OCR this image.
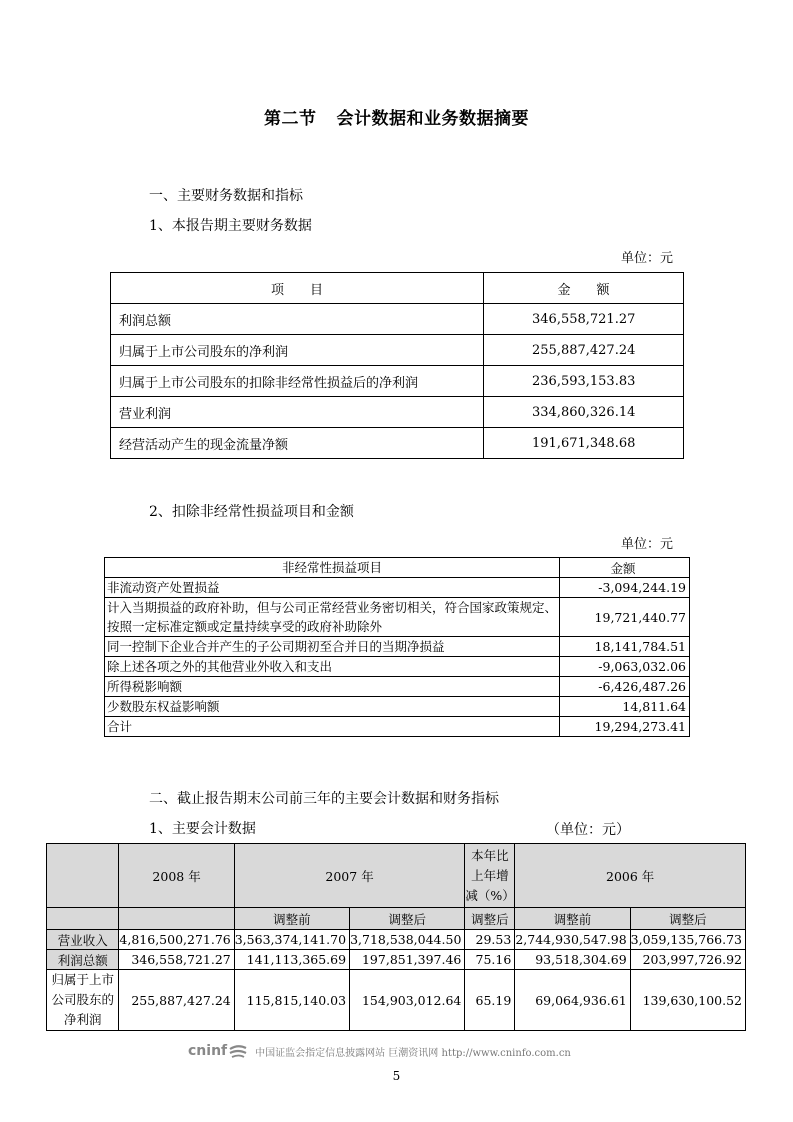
第二节 会计数据和业务数据摘要
一、主要财务数据和指标
1、本报告期主要财务数据
单位：元
项　　目	金　　额
利润总额	346,558,721.27
归属于上市公司股东的净利润	255,887,427.24
归属于上市公司股东的扣除非经常性损益后的净利润	236,593,153.83
营业利润	334,860,326.14
经营活动产生的现金流量净额	191,671,348.68
2、扣除非经常性损益项目和金额
单位：元
非经常性损益项目	金额
非流动资产处置损益	-3,094,244.19
计入当期损益的政府补助，但与公司正常经营业务密切相关，符合国家政策规定、按照一定标准定额或定量持续享受的政府补助除外	19,721,440.77
同一控制下企业合并产生的子公司期初至合并日的当期净损益	18,141,784.51
除上述各项之外的其他营业外收入和支出	-9,063,032.06
所得税影响额	-6,426,487.26
少数股东权益影响额	14,811.64
合计	19,294,273.41
二、截止报告期末公司前三年的主要会计数据和财务指标
1、主要会计数据	（单位：元）
	2008 年	2007 年		本年比上年增减（%）	2006 年	
		调整前	调整后	调整后	调整前	调整后
营业收入	4,816,500,271.76	3,563,374,141.70	3,718,538,044.50	29.53	2,744,930,547.98	3,059,135,766.73
利润总额	346,558,721.27	141,113,365.69	197,851,397.46	75.16	93,518,304.69	203,997,726.92
归属于上市公司股东的净利润	255,887,427.24	115,815,140.03	154,903,012.64	65.19	69,064,936.61	139,630,100.52
cninf	中国证监会指定信息披露网站 巨潮资讯网 http://www.cninfo.com.cn
5
